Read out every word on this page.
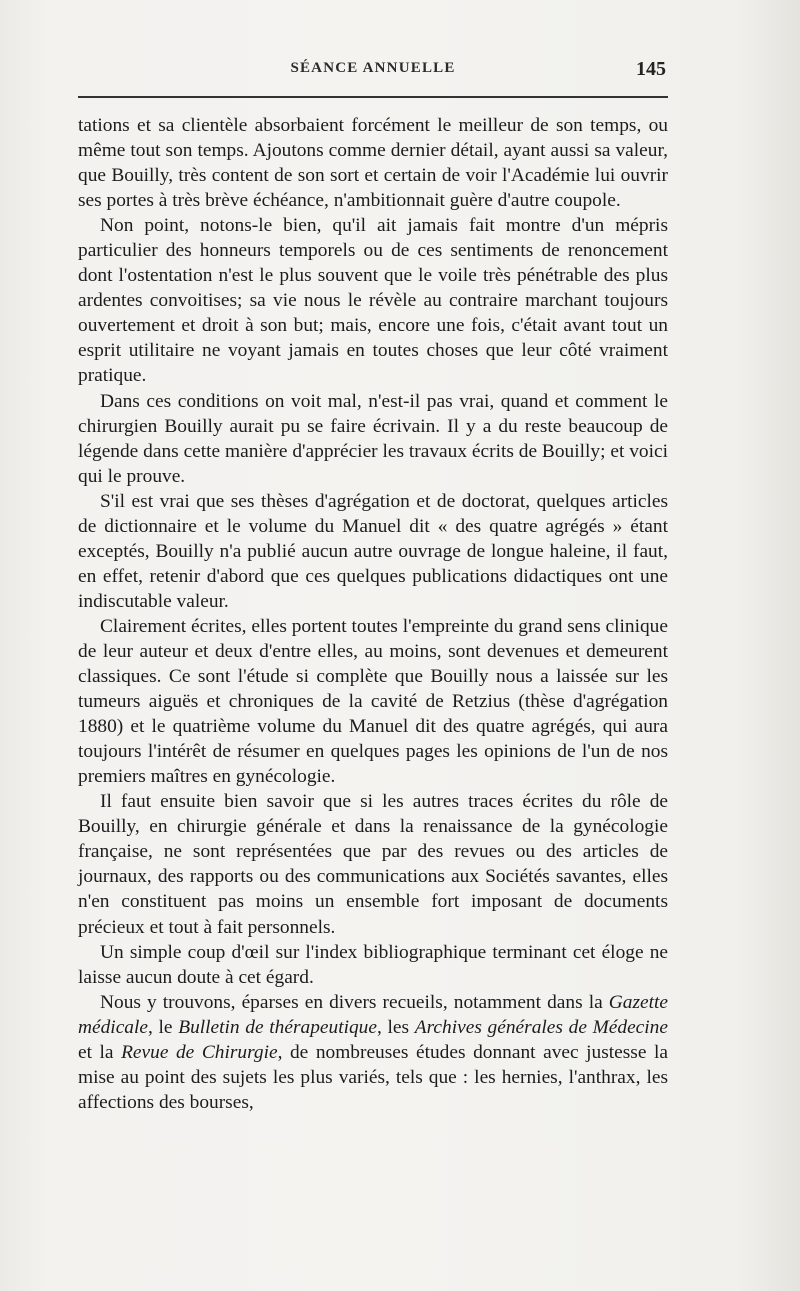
SÉANCE ANNUELLE	145

tations et sa clientèle absorbaient forcément le meilleur de son temps, ou même tout son temps. Ajoutons comme dernier détail, ayant aussi sa valeur, que Bouilly, très content de son sort et certain de voir l'Académie lui ouvrir ses portes à très brève échéance, n'ambitionnait guère d'autre coupole.

Non point, notons-le bien, qu'il ait jamais fait montre d'un mépris particulier des honneurs temporels ou de ces sentiments de renoncement dont l'ostentation n'est le plus souvent que le voile très pénétrable des plus ardentes convoitises; sa vie nous le révèle au contraire marchant toujours ouvertement et droit à son but; mais, encore une fois, c'était avant tout un esprit utilitaire ne voyant jamais en toutes choses que leur côté vraiment pratique.

Dans ces conditions on voit mal, n'est-il pas vrai, quand et comment le chirurgien Bouilly aurait pu se faire écrivain. Il y a du reste beaucoup de légende dans cette manière d'apprécier les travaux écrits de Bouilly; et voici qui le prouve.

S'il est vrai que ses thèses d'agrégation et de doctorat, quelques articles de dictionnaire et le volume du Manuel dit « des quatre agrégés » étant exceptés, Bouilly n'a publié aucun autre ouvrage de longue haleine, il faut, en effet, retenir d'abord que ces quelques publications didactiques ont une indiscutable valeur.

Clairement écrites, elles portent toutes l'empreinte du grand sens clinique de leur auteur et deux d'entre elles, au moins, sont devenues et demeurent classiques. Ce sont l'étude si complète que Bouilly nous a laissée sur les tumeurs aiguës et chroniques de la cavité de Retzius (thèse d'agrégation 1880) et le quatrième volume du Manuel dit des quatre agrégés, qui aura toujours l'intérêt de résumer en quelques pages les opinions de l'un de nos premiers maîtres en gynécologie.

Il faut ensuite bien savoir que si les autres traces écrites du rôle de Bouilly, en chirurgie générale et dans la renaissance de la gynécologie française, ne sont représentées que par des revues ou des articles de journaux, des rapports ou des communications aux Sociétés savantes, elles n'en constituent pas moins un ensemble fort imposant de documents précieux et tout à fait personnels.

Un simple coup d'œil sur l'index bibliographique terminant cet éloge ne laisse aucun doute à cet égard.

Nous y trouvons, éparses en divers recueils, notamment dans la Gazette médicale, le Bulletin de thérapeutique, les Archives générales de Médecine et la Revue de Chirurgie, de nombreuses études donnant avec justesse la mise au point des sujets les plus variés, tels que : les hernies, l'anthrax, les affections des bourses,
